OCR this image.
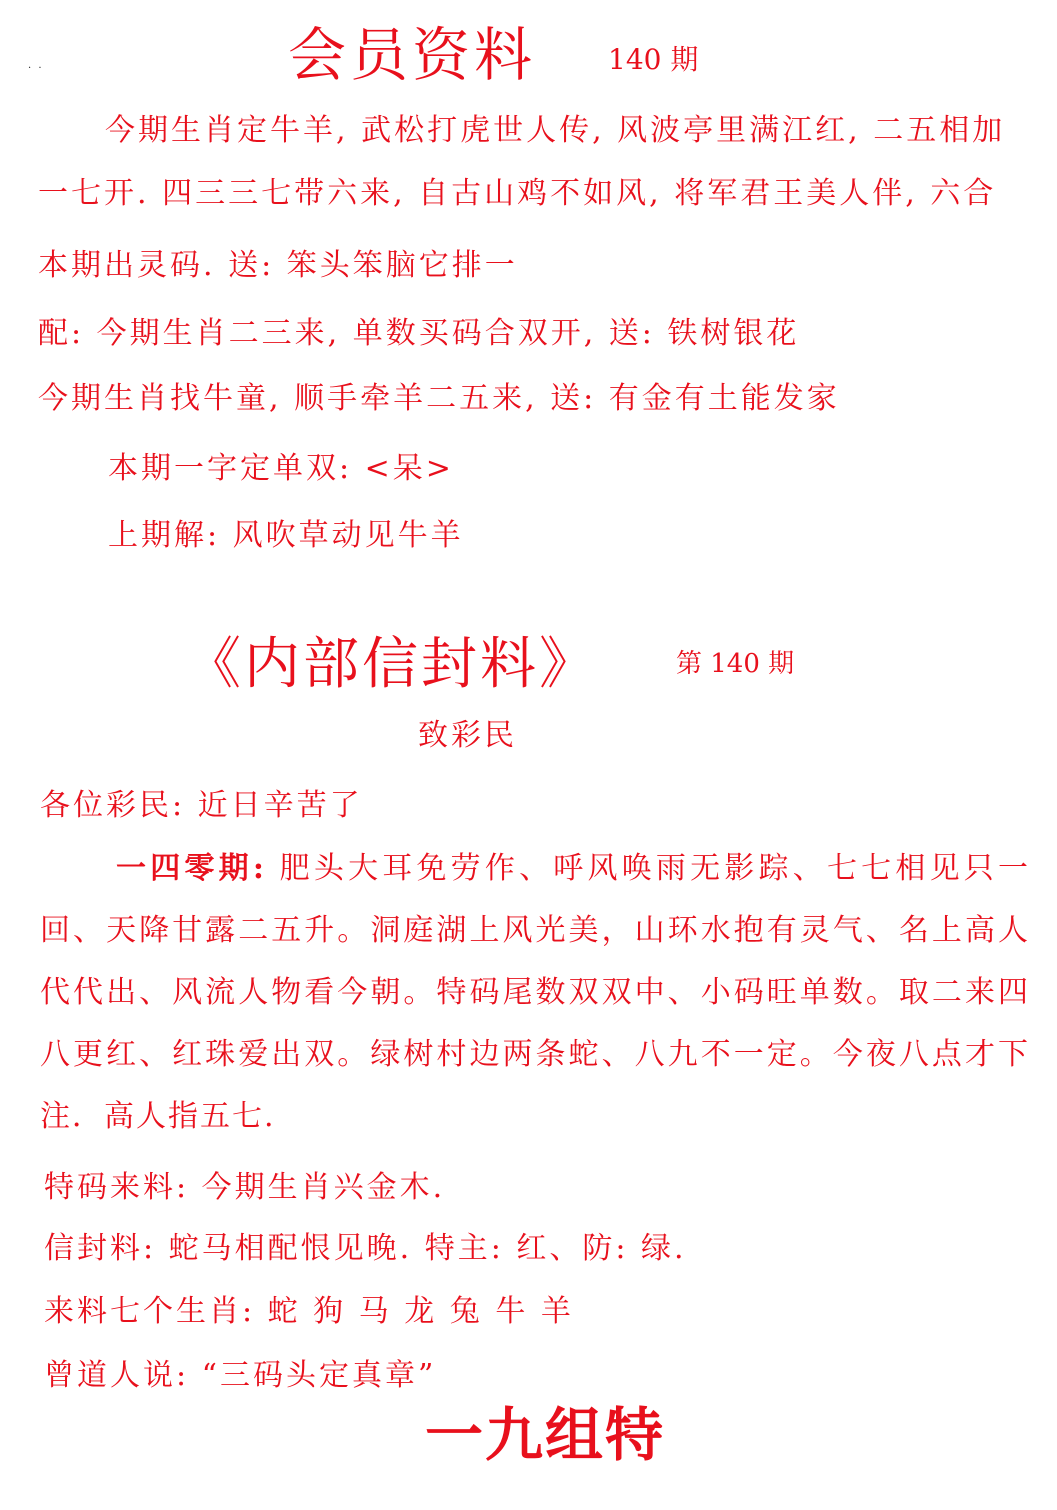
. .	会员资料	140 期
今期生肖定牛羊, 武松打虎世人传, 风波亭里满江红, 二五相加
一七开. 四三三七带六来, 自古山鸡不如风, 将军君王美人伴, 六合
本期出灵码. 送: 笨头笨脑它排一
配: 今期生肖二三来, 单数买码合双开, 送: 铁树银花
今期生肖找牛童, 顺手牵羊二五来, 送: 有金有土能发家
本期一字定单双: <呆>
上期解: 风吹草动见牛羊
《内部信封料》	第 140 期
致彩民
各位彩民: 近日辛苦了
一四零期: 肥头大耳免劳作、呼风唤雨无影踪、七七相见只一回、天降甘露二五升。洞庭湖上风光美，山环水抱有灵气、名上高人代代出、风流人物看今朝。特码尾数双双中、小码旺单数。取二来四八更红、红珠爱出双。绿树村边两条蛇、八九不一定。今夜八点才下注．高人指五七.
特码来料: 今期生肖兴金木.
信封料: 蛇马相配恨见晚. 特主: 红、防: 绿.
来料七个生肖: 蛇 狗 马 龙 兔 牛 羊
曾道人说: “三码头定真章”
一九组特
